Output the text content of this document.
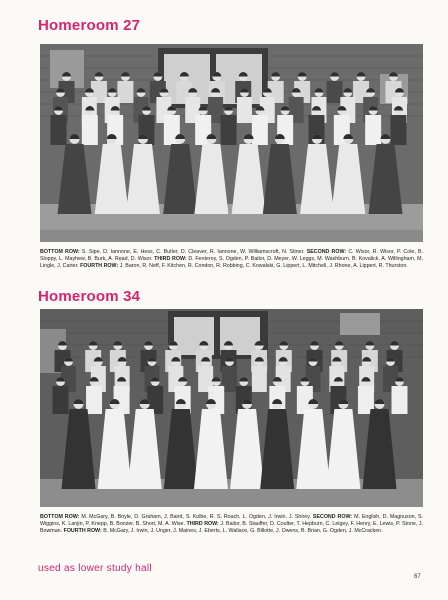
Homeroom 27

BOTTOM ROW: S. Sipe, D. Iannone, E. Hess, C. Butler, D. Cleaver, R. Iannone, W. Williamscroft, N. Stiner. SECOND ROW: C. Wisor, R. Wisor, P. Cole, B. Sloppy, L. Mayhew, B. Burk, A. Read, D. Wisor. THIRD ROW: D. Fenteroy, S. Ogden, P. Bailor, D. Meyer, W. Leggs, M. Washburn, B. Kovalick, A. Willingham, M. Lingle, J. Carter. FOURTH ROW: J. Baron, R. Neff, F. Kitchen, R. Condon, R. Robbing, C. Kowalski, G. Lippert, L. Mitchell, J. Rhone, A. Lippert, R. Thurston.

Homeroom 34

BOTTOM ROW: M. McGary, B. Boyle, D. Graham, J. Baird, S. Kolbe, R. S. Roach, L. Ogden, J. Irwin, J. Shirey. SECOND ROW: M. English, D. Magnuson, S. Wiggins, K. Lanjin, P. Knepp, B. Bonzer, B. Short, M. A. Wise. THIRD ROW: J. Bailor, B. Stauffer, D. Coulter, T. Hepburn, C. Leigey, F. Henry, E. Lewis, P. Stone, J. Bowman. FOURTH ROW: B. McGary, J. Irwin, J. Unger, J. Maines, J. Eberts, L. Wallace, G. Billotte, J. Owens, B. Brian, G. Ogden, J. McCracken.

used as lower study hall

67
